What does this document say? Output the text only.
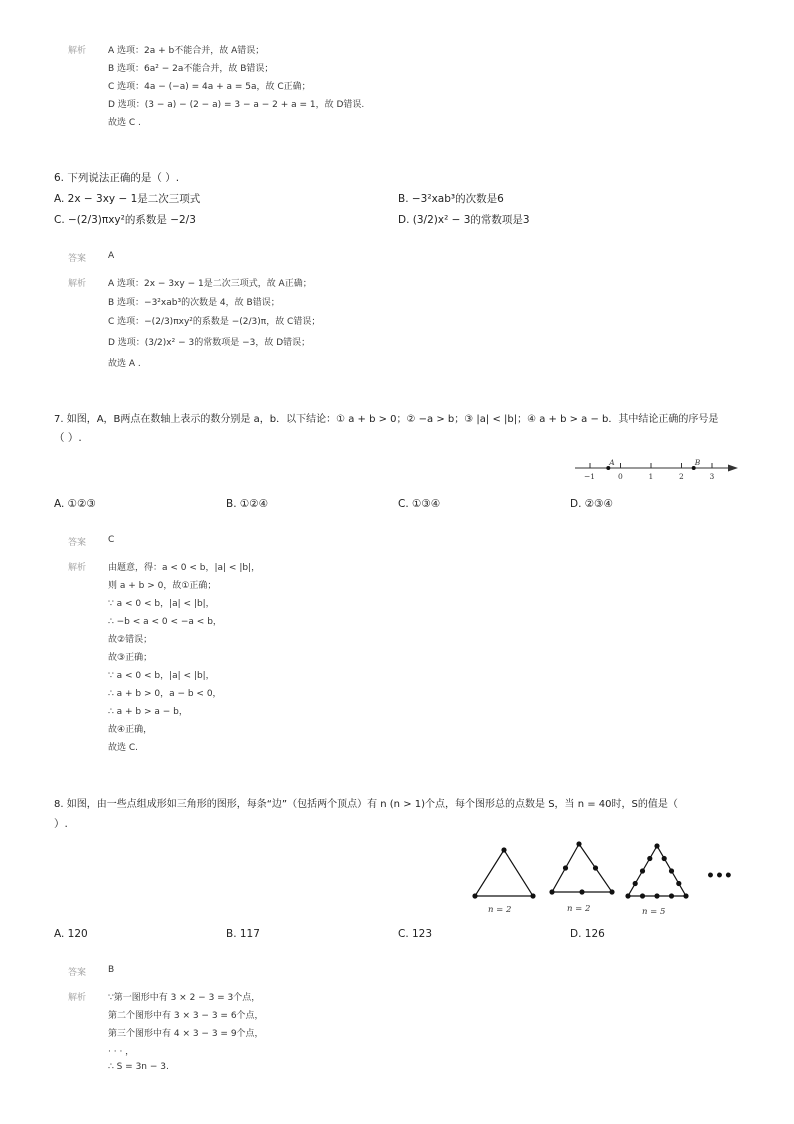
解析 A 选项：2a + b不能合并，故 A错误；
B 选项：6a² − 2a不能合并，故 B错误；
C 选项：4a − (−a) = 4a + a = 5a，故 C正确；
D 选项：(3 − a) − (2 − a) = 3 − a − 2 + a = 1，故 D错误.
故选 C .
6. 下列说法正确的是（ ）.
A. 2x − 3xy − 1是二次三项式	B. −3²xab³的次数是6
C. −(2/3)πxy²的系数是 −2/3	D. (3/2)x² − 3的常数项是3
答案 A
解析 A 选项：2x − 3xy − 1是二次三项式，故 A正确；
B 选项：−3²xab³的次数是 4，故 B错误；
C 选项：−(2/3)πxy²的系数是 −(2/3)π，故 C错误；
D 选项：(3/2)x² − 3的常数项是 −3，故 D错误；
故选 A .
7. 如图，A，B两点在数轴上表示的数分别是 a，b．以下结论：① a + b > 0；② −a > b；③ |a| < |b|；④ a + b > a − b．其中结论正确的序号是
（ ）.
−1	0	1	2	3
A	B
A. ①②③	B. ①②④	C. ①③④	D. ②③④
答案 C
解析 由题意，得：a < 0 < b，|a| < |b|，
则 a + b > 0，故①正确；
∵ a < 0 < b，|a| < |b|，
∴ −b < a < 0 < −a < b，
故②错误；
故③正确；
∵ a < 0 < b，|a| < |b|，
∴ a + b > 0，a − b < 0，
∴ a + b > a − b，
故④正确，
故选 C.
8. 如图，由一些点组成形如三角形的图形，每条“边”（包括两个顶点）有 n (n > 1)个点，每个图形总的点数是 S，当 n = 40时，S的值是（
）.
n = 2	n = 2	n = 5
•••
A. 120	B. 117	C. 123	D. 126
答案 B
解析 ∵第一图形中有 3 × 2 − 3 = 3个点，
第二个图形中有 3 × 3 − 3 = 6个点，
第三个图形中有 4 × 3 − 3 = 9个点，
· · · ，
∴ S = 3n − 3.
